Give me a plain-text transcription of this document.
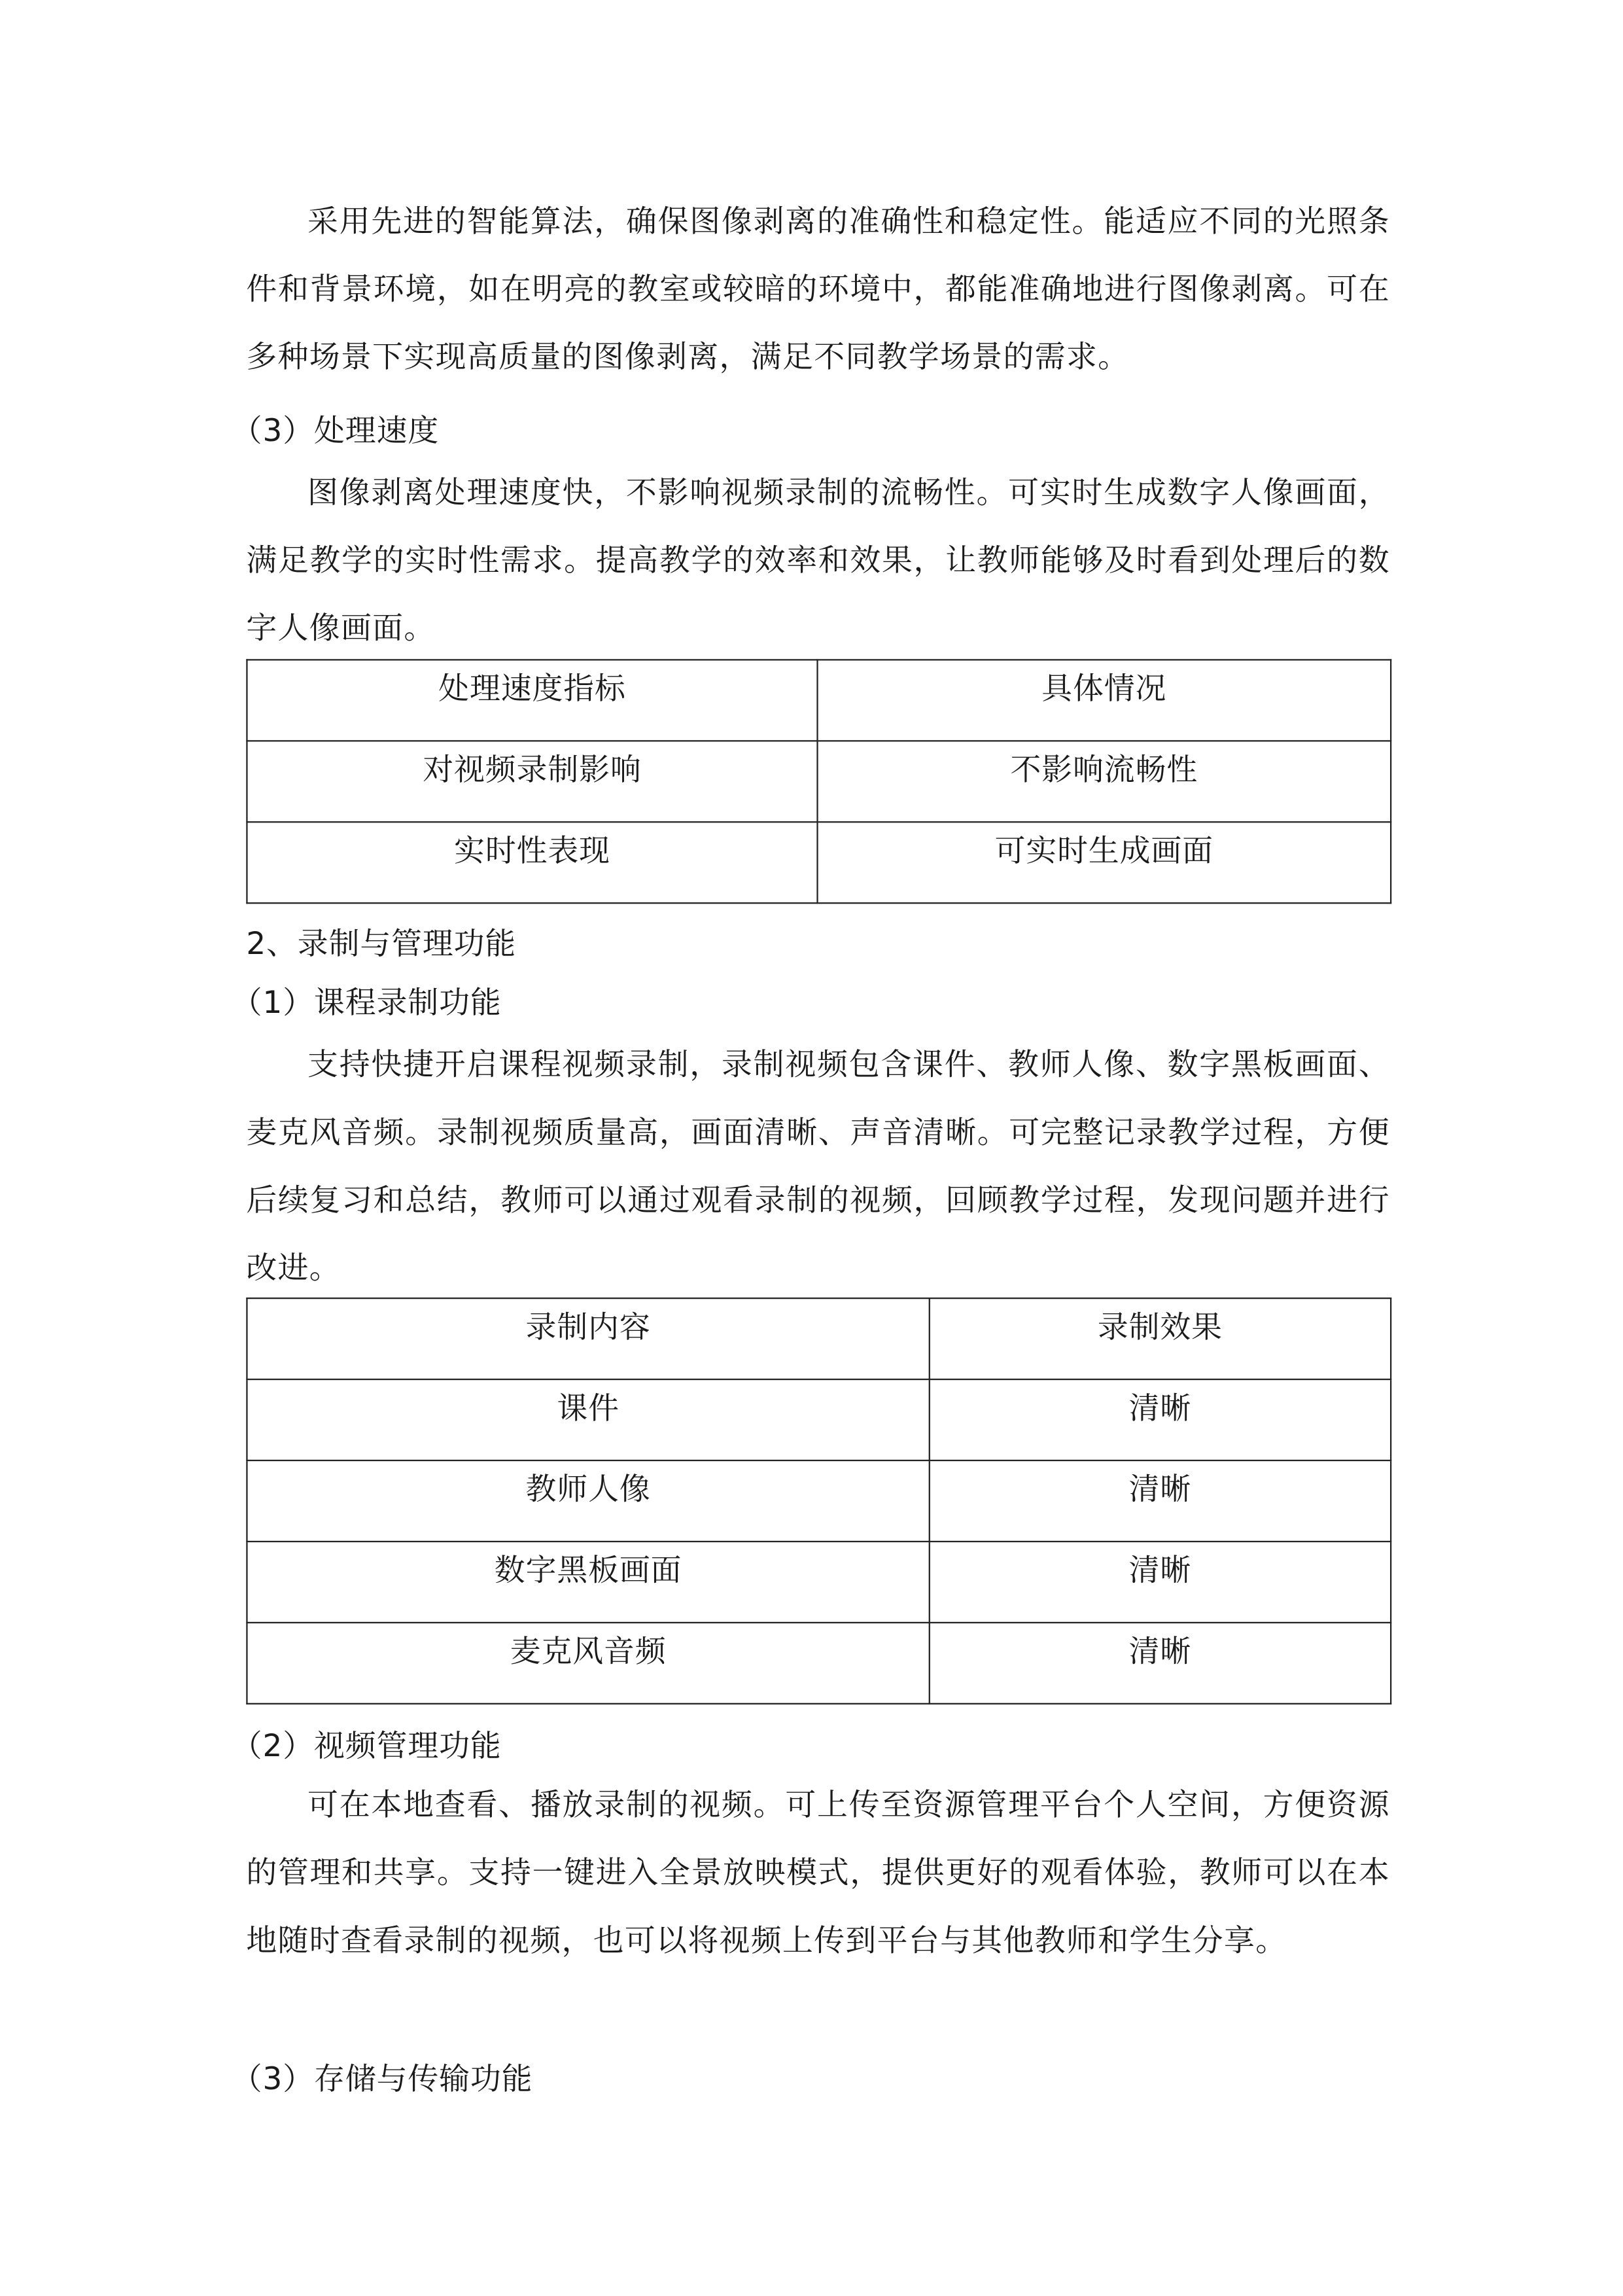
采用先进的智能算法，确保图像剥离的准确性和稳定性。能适应不同的光照条件和背景环境，如在明亮的教室或较暗的环境中，都能准确地进行图像剥离。可在多种场景下实现高质量的图像剥离，满足不同教学场景的需求。

（3）处理速度

图像剥离处理速度快，不影响视频录制的流畅性。可实时生成数字人像画面，满足教学的实时性需求。提高教学的效率和效果，让教师能够及时看到处理后的数字人像画面。

处理速度指标	具体情况
对视频录制影响	不影响流畅性
实时性表现	可实时生成画面

2、录制与管理功能

（1）课程录制功能

支持快捷开启课程视频录制，录制视频包含课件、教师人像、数字黑板画面、麦克风音频。录制视频质量高，画面清晰、声音清晰。可完整记录教学过程，方便后续复习和总结，教师可以通过观看录制的视频，回顾教学过程，发现问题并进行改进。

录制内容	录制效果
课件	清晰
教师人像	清晰
数字黑板画面	清晰
麦克风音频	清晰

（2）视频管理功能

可在本地查看、播放录制的视频。可上传至资源管理平台个人空间，方便资源的管理和共享。支持一键进入全景放映模式，提供更好的观看体验，教师可以在本地随时查看录制的视频，也可以将视频上传到平台与其他教师和学生分享。

（3）存储与传输功能
